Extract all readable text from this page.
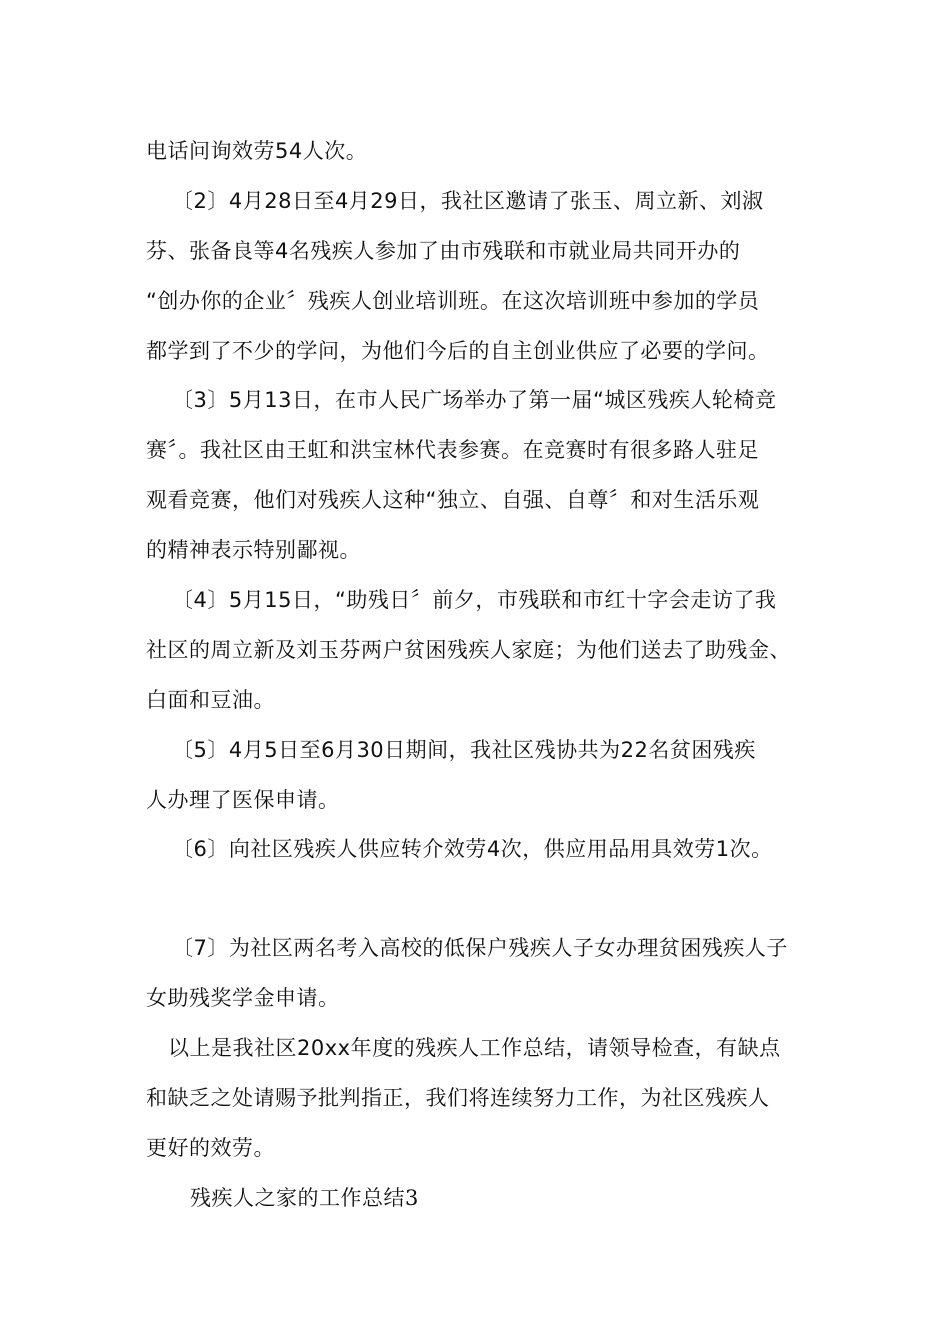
电话问询效劳54人次。
〔2〕4月28日至4月29日，我社区邀请了张玉、周立新、刘淑
芬、张备良等4名残疾人参加了由市残联和市就业局共同开办的
“创办你的企业〞残疾人创业培训班。在这次培训班中参加的学员
都学到了不少的学问，为他们今后的自主创业供应了必要的学问。
〔3〕5月13日，在市人民广场举办了第一届“城区残疾人轮椅竞
赛〞。我社区由王虹和洪宝林代表参赛。在竞赛时有很多路人驻足
观看竞赛，他们对残疾人这种“独立、自强、自尊〞和对生活乐观
的精神表示特别鄙视。
〔4〕5月15日，“助残日〞前夕，市残联和市红十字会走访了我
社区的周立新及刘玉芬两户贫困残疾人家庭；为他们送去了助残金、
白面和豆油。
〔5〕4月5日至6月30日期间，我社区残协共为22名贫困残疾
人办理了医保申请。
〔6〕向社区残疾人供应转介效劳4次，供应用品用具效劳1次。
〔7〕为社区两名考入高校的低保户残疾人子女办理贫困残疾人子
女助残奖学金申请。
以上是我社区20xx年度的残疾人工作总结，请领导检查，有缺点
和缺乏之处请赐予批判指正，我们将连续努力工作，为社区残疾人
更好的效劳。
残疾人之家的工作总结3
